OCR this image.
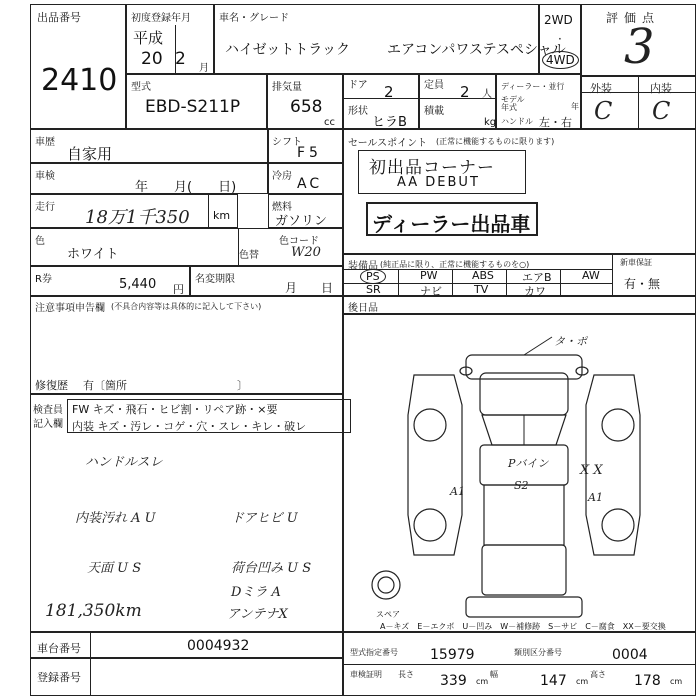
出品番号
2410
初度登録年月
平成
20 2 月
車名・グレード
ハイゼットトラック	エアコンパワステスペシャル
2WD
·
4WD
評価点
3
外装	内装
C C
型式
EBD-S211P
排気量
658
cc
ドア 2
形状
ヒラB
定員 2 人
積載
kg
ディーラー・並行
モデル年式	年
ハンドル 左・右
車歴
自家用
シフト
F5
車検
年　　月(　　日)
冷房 AC
走行 18万1千350 km
燃料
ガソリン
色
ホワイト	色替
色コード
W20
R券	5,440 円
名変期限
月　　日
注意事項申告欄 (不具合内容等は具体的に記入して下さい)
修復歴 有〔箇所　　　　　　　　　　〕
セールスポイント (正常に機能するものに限ります)
初出品コーナー
AA DEBUT
ディーラー出品車
装備品 (純正品に限り、正常に機能するものを○)
PS	PW	ABS	エアB	AW
SR	ナビ	TV	カワ
新車保証
有・無
後日品
検査員
記入欄
FW キズ・飛石・ヒビ割・リペア跡・×要
内装 キズ・汚レ・コゲ・穴・スレ・キレ・破レ
ハンドルスレ
内装汚れ A U
天面 U S	荷台凹み U S
Dミラ A
アンテナX
181,350km
ドアヒビ U
タ・ポ
Pバイン X X
A1	A1
S2
スペア
A－キズ　E－エクボ　U－凹み　W－補修跡　S－サビ　C－腐食　XX－要交換
車台番号	0004932
登録番号
型式指定番号 15979	類別区分番号	0004
車検証明 長さ 339 cm
幅	147 cm
高さ 178 cm
